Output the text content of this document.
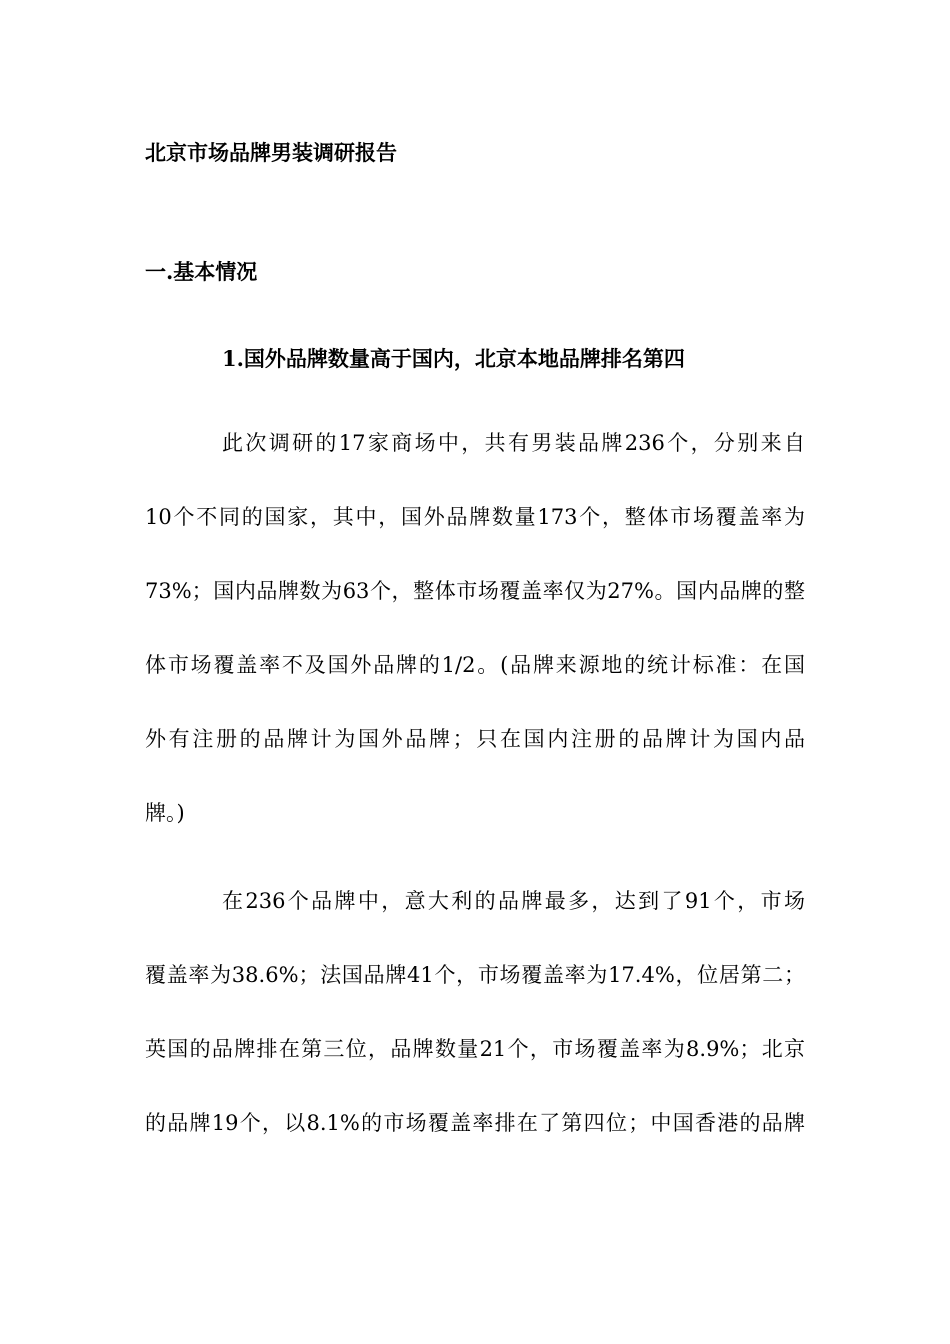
北京市场品牌男装调研报告
一.基本情况
1.国外品牌数量高于国内，北京本地品牌排名第四
此次调研的17家商场中，共有男装品牌236个，分别来自
10个不同的国家，其中，国外品牌数量173个，整体市场覆盖率为
73%；国内品牌数为63个，整体市场覆盖率仅为27%。国内品牌的整
体市场覆盖率不及国外品牌的1/2。(品牌来源地的统计标准：在国
外有注册的品牌计为国外品牌；只在国内注册的品牌计为国内品
牌。)
在236个品牌中，意大利的品牌最多，达到了91个，市场
覆盖率为38.6%；法国品牌41个，市场覆盖率为17.4%，位居第二；
英国的品牌排在第三位，品牌数量21个，市场覆盖率为8.9%；北京
的品牌19个，以8.1%的市场覆盖率排在了第四位；中国香港的品牌
